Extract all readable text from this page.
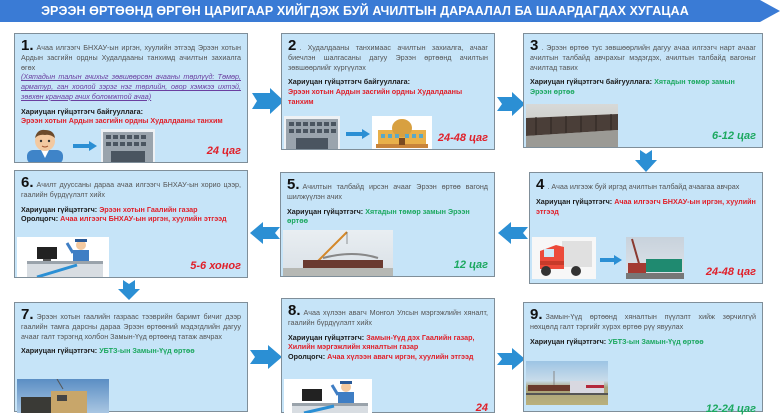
ЭРЭЭН ӨРТӨӨНД ӨРГӨН ЦАРИГААР ХИЙГДЭЖ БУЙ АЧИЛТЫН ДАРААЛАЛ БА ШААРДАГДАХ ХУГАЦАА
1. Ачаа илгээгч БНХАУ-ын иргэн, хуулийн этгээд Эрээн хотын Ардын засгийн ордны Худалдааны танхимд ачилтын захиалга өгөх
(Хятадын талын ачихыг зөвшөөрсөн ачааны төрлүүд: Төмөр, арматур, ган хоолой зэрэг нэг төрлийн, овор хэмжээ ихтэй, зөвхөн кранаар ачих боломжтой ачаа)
Хариуцан гүйцэтгэгч байгууллага:
Эрээн хотын Ардын засгийн ордны Худалдааны танхим
24 цаг
2 . Худалдааны танхимаас ачилтын захиалга, ачааг биечлэн шалгасаны дагуу Эрээн өртөөнд ачилтын зөвшөөрлийг хүргүүлэх
Хариуцан гүйцэтгэгч байгууллага:
Эрээн хотын Ардын засгийн ордны Худалдааны танхим
24-48 цаг
3 . Эрээн өртөө тус зөвшөөрлийн дагуу ачаа илгээгч нарт ачааг ачилтын талбайд авчрахыг мэдэгдэх, ачилтын талбайд вагоныг ачилтад тавих
Хариуцан гүйцэтгэгч байгууллага: Хятадын төмөр замын Эрээн өртөө
6-12 цаг
4 . Ачаа илгээж буй иргэд ачилтын талбайд ачаагаа авчрах
Хариуцан гүйцэтгэгч: Ачаа илгээгч БНХАУ-ын иргэн, хуулийн этгээд
24-48 цаг
5. Ачилтын талбайд ирсэн ачааг Эрээн өртөө вагонд шилжүүлэн ачих
Хариуцан гүйцэтгэгч: Хятадын төмөр замын Эрээн өртөө
12 цаг
6. Ачилт дууссаны дараа ачаа илгээгч БНХАУ-ын хорио цээр, гаалийн бүрдүүлэлт хийх
Хариуцан гүйцэтгэгч: Эрээн хотын Гаалийн газар
Оролцогч: Ачаа илгээгч БНХАУ-ын иргэн, хуулийн этгээд
5-6 хоног
7. Эрээн хотын гаалийн газраас тээврийн баримт бичиг дээр гаалийн тамга дарсны дараа Эрээн өртөөний мэдэгдлийн дагуу ачааг галт тэрэгнд холбон Замын-Үүд өртөөнд татаж авчрах
Хариуцан гүйцэтгэгч: УБТЗ-ын Замын-Үүд өртөө
8. Ачаа хүлээн авагч Монгол Улсын мэргэжлийн хяналт, гаалийн бүрдүүлэлт хийх
Хариуцан гүйцэтгэгч: Замын-Үүд дэх Гаалийн газар, Хилийн мэргэжлийн хяналтын газар
Оролцогч: Ачаа хүлээн авагч иргэн, хуулийн этгээд
24
9. Замын-Үүд өртөөнд хяналтын пүүлэлт хийж зөрчилгүй нөхцөлд галт тэргийг хүрэх өртөө рүү явуулах
Хариуцан гүйцэтгэгч: УБТЗ-ын Замын-Үүд өртөө
12-24 цаг
